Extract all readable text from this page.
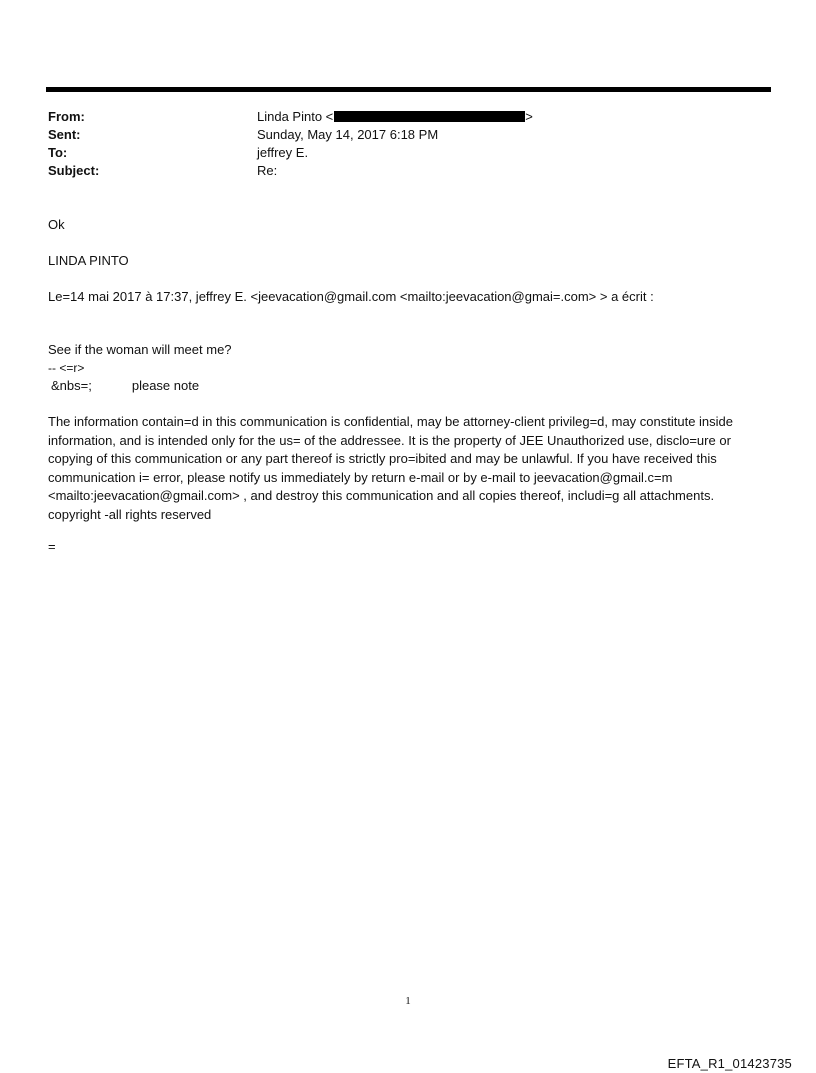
From:	Linda Pinto <	>
Sent:	Sunday, May 14, 2017 6:18 PM
To:	jeffrey E.
Subject:	Re:
Ok
LINDA PINTO
Le=14 mai 2017 à 17:37, jeffrey E. <jeevacation@gmail.com <mailto:jeevacation@gmai=.com> > a écrit :
See if the woman will meet me?
-- <=r>
&nbs=;	please note
The information contain=d in this communication is confidential, may be attorney-client privileg=d, may constitute inside information, and is intended only for the us= of the addressee. It is the property of JEE Unauthorized use, disclo=ure or copying of this communication or any part thereof is strictly pro=ibited and may be unlawful. If you have received this communication i= error, please notify us immediately by return e-mail or by e-mail to jeevacation@gmail.c=m <mailto:jeevacation@gmail.com> , and destroy this communication and all copies thereof, includi=g all attachments. copyright -all rights reserved
=
1
EFTA_R1_01423735
